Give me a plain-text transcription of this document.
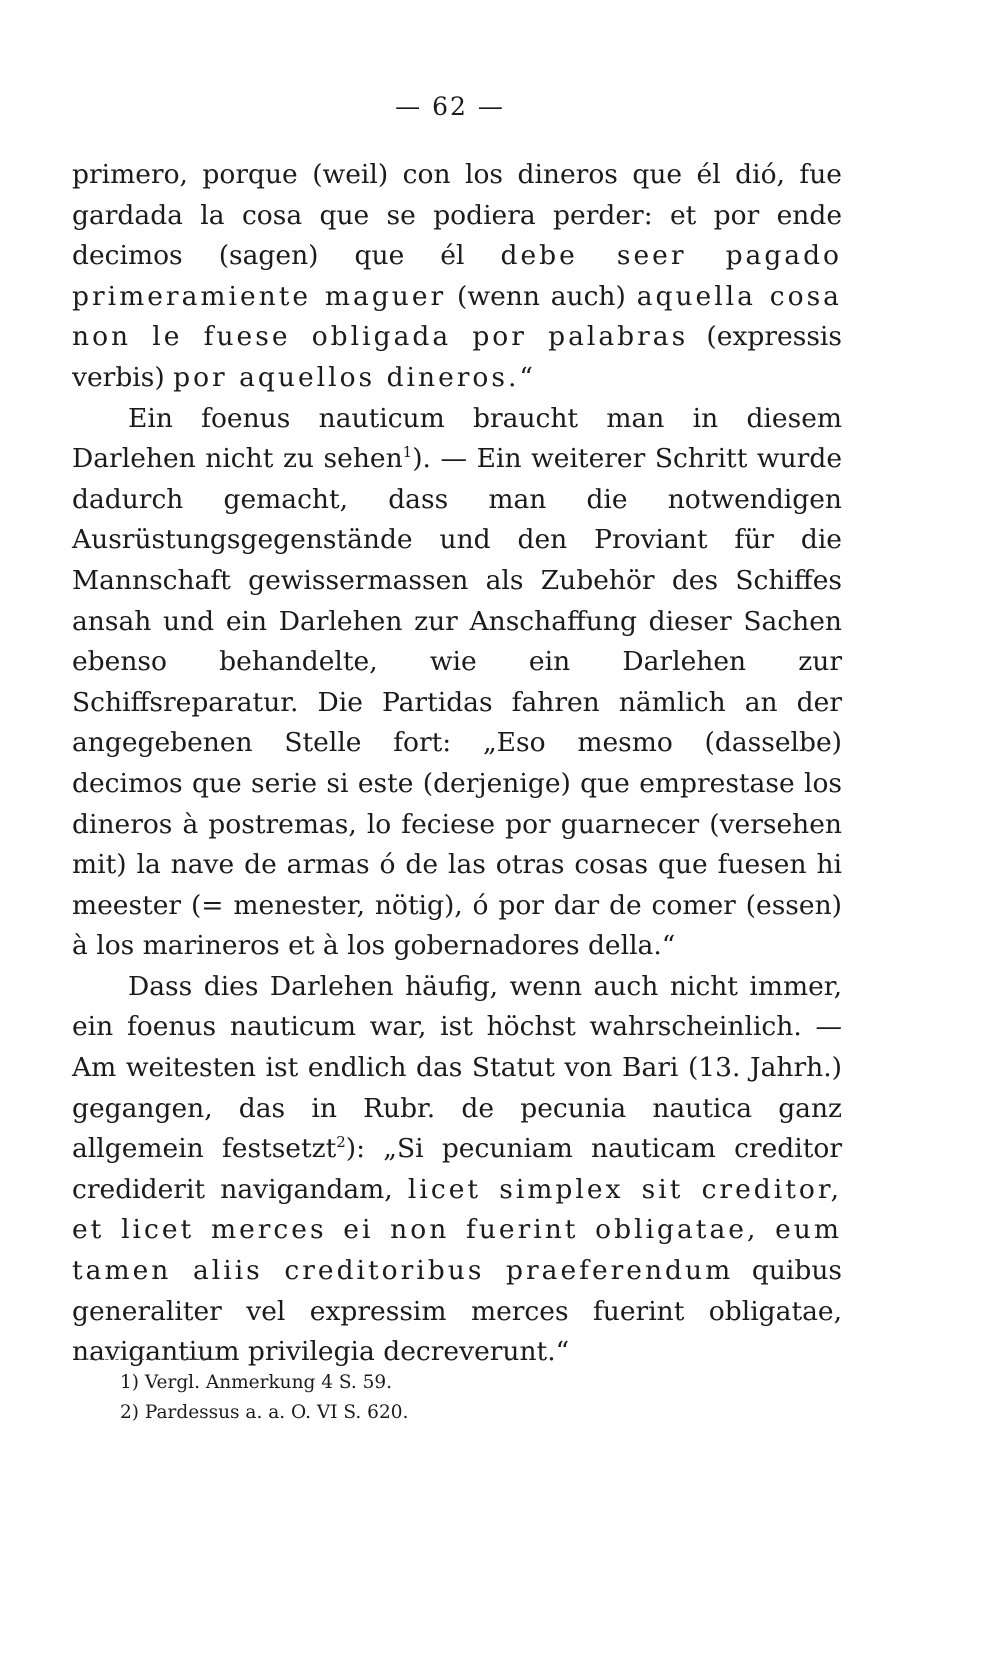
— 62 —

primero, porque (weil) con los dineros que él dió, fue gardada la cosa que se podiera perder: et por ende decimos (sagen) que él debe seer pagado primeramiente maguer (wenn auch) aquella cosa non le fuese obligada por palabras (expressis verbis) por aquellos dineros.“

Ein foenus nauticum braucht man in diesem Darlehen nicht zu sehen$^1$). — Ein weiterer Schritt wurde dadurch gemacht, dass man die notwendigen Ausrüstungsgegenstände und den Proviant für die Mannschaft gewissermassen als Zubehör des Schiffes ansah und ein Darlehen zur Anschaffung dieser Sachen ebenso behandelte, wie ein Darlehen zur Schiffsreparatur. Die Partidas fahren nämlich an der angegebenen Stelle fort: „Eso mesmo (dasselbe) decimos que serie si este (derjenige) que emprestase los dineros à postremas, lo feciese por guarnecer (versehen mit) la nave de armas ó de las otras cosas que fuesen hi meester (= menester, nötig), ó por dar de comer (essen) à los marineros et à los gobernadores della.“

Dass dies Darlehen häufig, wenn auch nicht immer, ein foenus nauticum war, ist höchst wahrscheinlich. — Am weitesten ist endlich das Statut von Bari (13. Jahrh.) gegangen, das in Rubr. de pecunia nautica ganz allgemein festsetzt$^2$): „Si pecuniam nauticam creditor crediderit navigandam, licet simplex sit creditor, et licet merces ei non fuerint obligatae, eum tamen aliis creditoribus praeferendum quibus generaliter vel expressim merces fuerint obligatae, navigantium privilegia decreverunt.“

1) Vergl. Anmerkung 4 S. 59.

2) Pardessus a. a. O. VI S. 620.
